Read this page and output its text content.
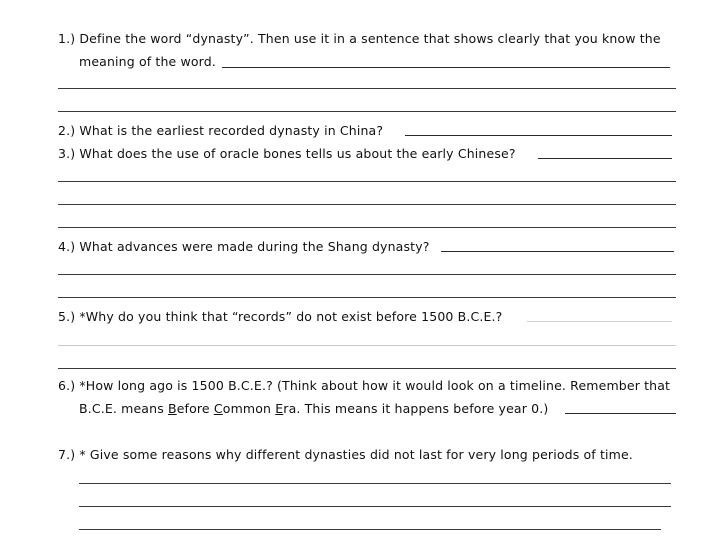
1.) Define the word “dynasty”. Then use it in a sentence that shows clearly that you know the
meaning of the word.
2.) What is the earliest recorded dynasty in China?
3.) What does the use of oracle bones tells us about the early Chinese?
4.) What advances were made during the Shang dynasty?
5.) *Why do you think that “records” do not exist before 1500 B.C.E.?
6.) *How long ago is 1500 B.C.E.? (Think about how it would look on a timeline. Remember that
B.C.E. means Before Common Era. This means it happens before year 0.)
7.) * Give some reasons why different dynasties did not last for very long periods of time.
